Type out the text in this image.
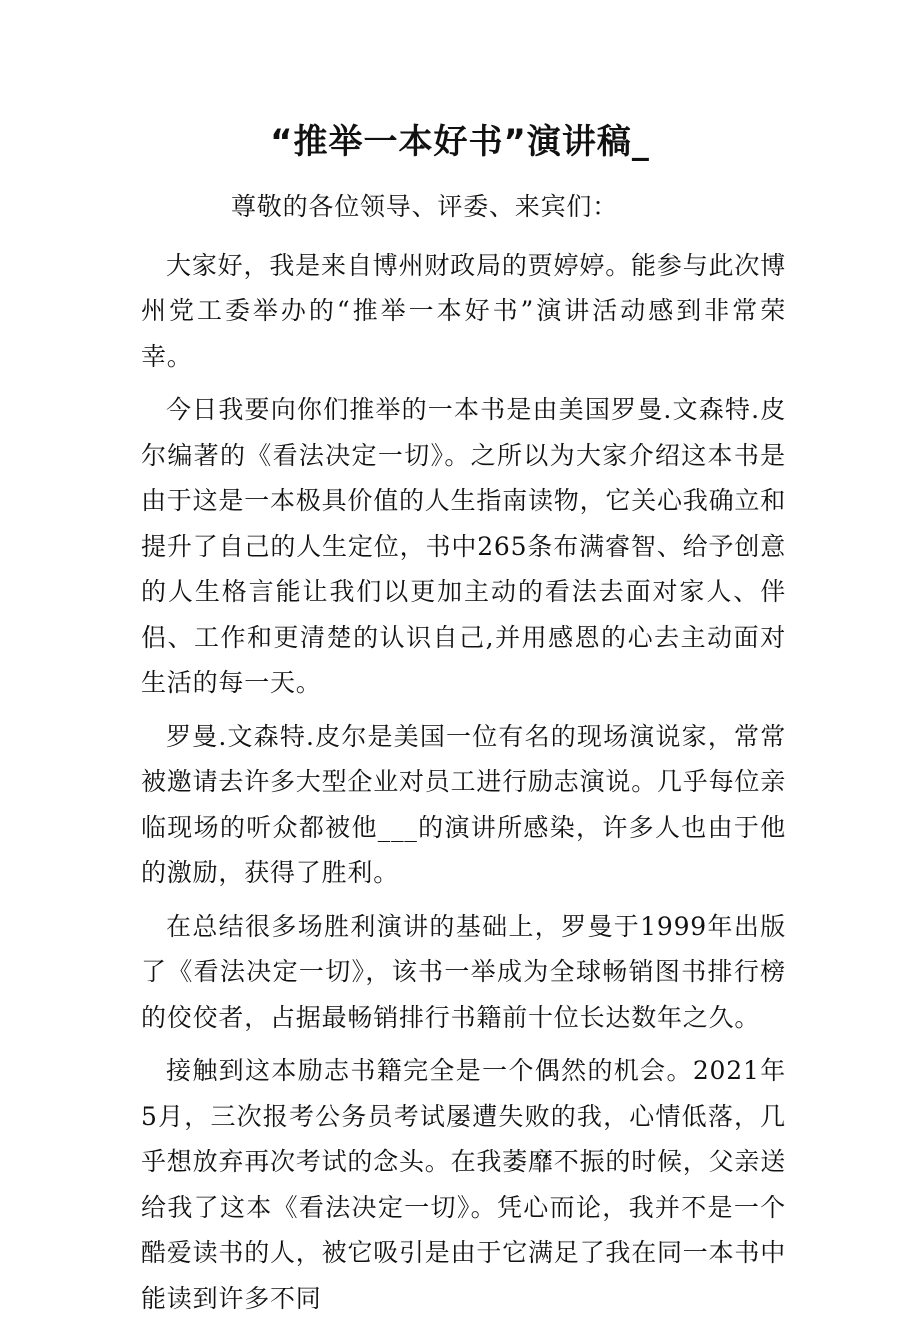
“推举一本好书”演讲稿_

尊敬的各位领导、评委、来宾们：

大家好，我是来自博州财政局的贾婷婷。能参与此次博州党工委举办的“推举一本好书”演讲活动感到非常荣幸。

今日我要向你们推举的一本书是由美国罗曼.文森特.皮尔编著的《看法决定一切》。之所以为大家介绍这本书是由于这是一本极具价值的人生指南读物，它关心我确立和提升了自己的人生定位，书中265条布满睿智、给予创意的人生格言能让我们以更加主动的看法去面对家人、伴侣、工作和更清楚的认识自己,并用感恩的心去主动面对生活的每一天。

罗曼.文森特.皮尔是美国一位有名的现场演说家，常常被邀请去许多大型企业对员工进行励志演说。几乎每位亲临现场的听众都被他___的演讲所感染，许多人也由于他的激励，获得了胜利。

在总结很多场胜利演讲的基础上，罗曼于1999年出版了《看法决定一切》，该书一举成为全球畅销图书排行榜的佼佼者，占据最畅销排行书籍前十位长达数年之久。

接触到这本励志书籍完全是一个偶然的机会。2021年5月，三次报考公务员考试屡遭失败的我，心情低落，几乎想放弃再次考试的念头。在我萎靡不振的时候，父亲送给我了这本《看法决定一切》。凭心而论，我并不是一个酷爱读书的人，被它吸引是由于它满足了我在同一本书中能读到许多不同
